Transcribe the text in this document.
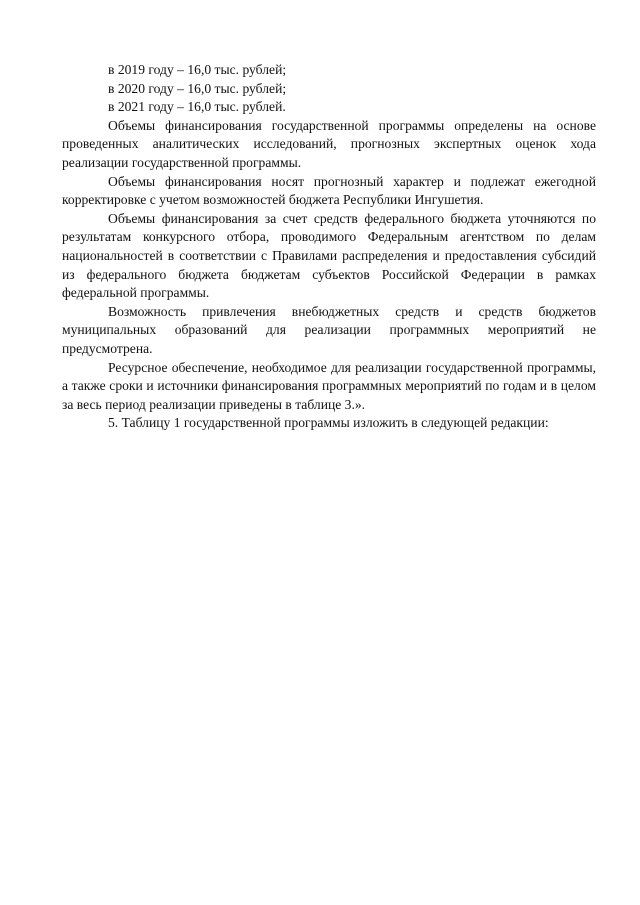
в 2019 году – 16,0 тыс. рублей;

в 2020 году – 16,0 тыс. рублей;

в 2021 году – 16,0 тыс. рублей.

Объемы финансирования государственной программы определены на основе проведенных аналитических исследований, прогнозных экспертных оценок хода реализации государственной программы.

Объемы финансирования носят прогнозный характер и подлежат ежегодной корректировке с учетом возможностей бюджета Республики Ингушетия.

Объемы финансирования за счет средств федерального бюджета уточняются по результатам конкурсного отбора, проводимого Федеральным агентством по делам национальностей в соответствии с Правилами распределения и предоставления субсидий из федерального бюджета бюджетам субъектов Российской Федерации в рамках федеральной программы.

Возможность привлечения внебюджетных средств и средств бюджетов муниципальных образований для реализации программных мероприятий не предусмотрена.

Ресурсное обеспечение, необходимое для реализации государственной программы, а также сроки и источники финансирования программных мероприятий по годам и в целом за весь период реализации приведены в таблице 3.».

5. Таблицу 1 государственной программы изложить в следующей редакции:
